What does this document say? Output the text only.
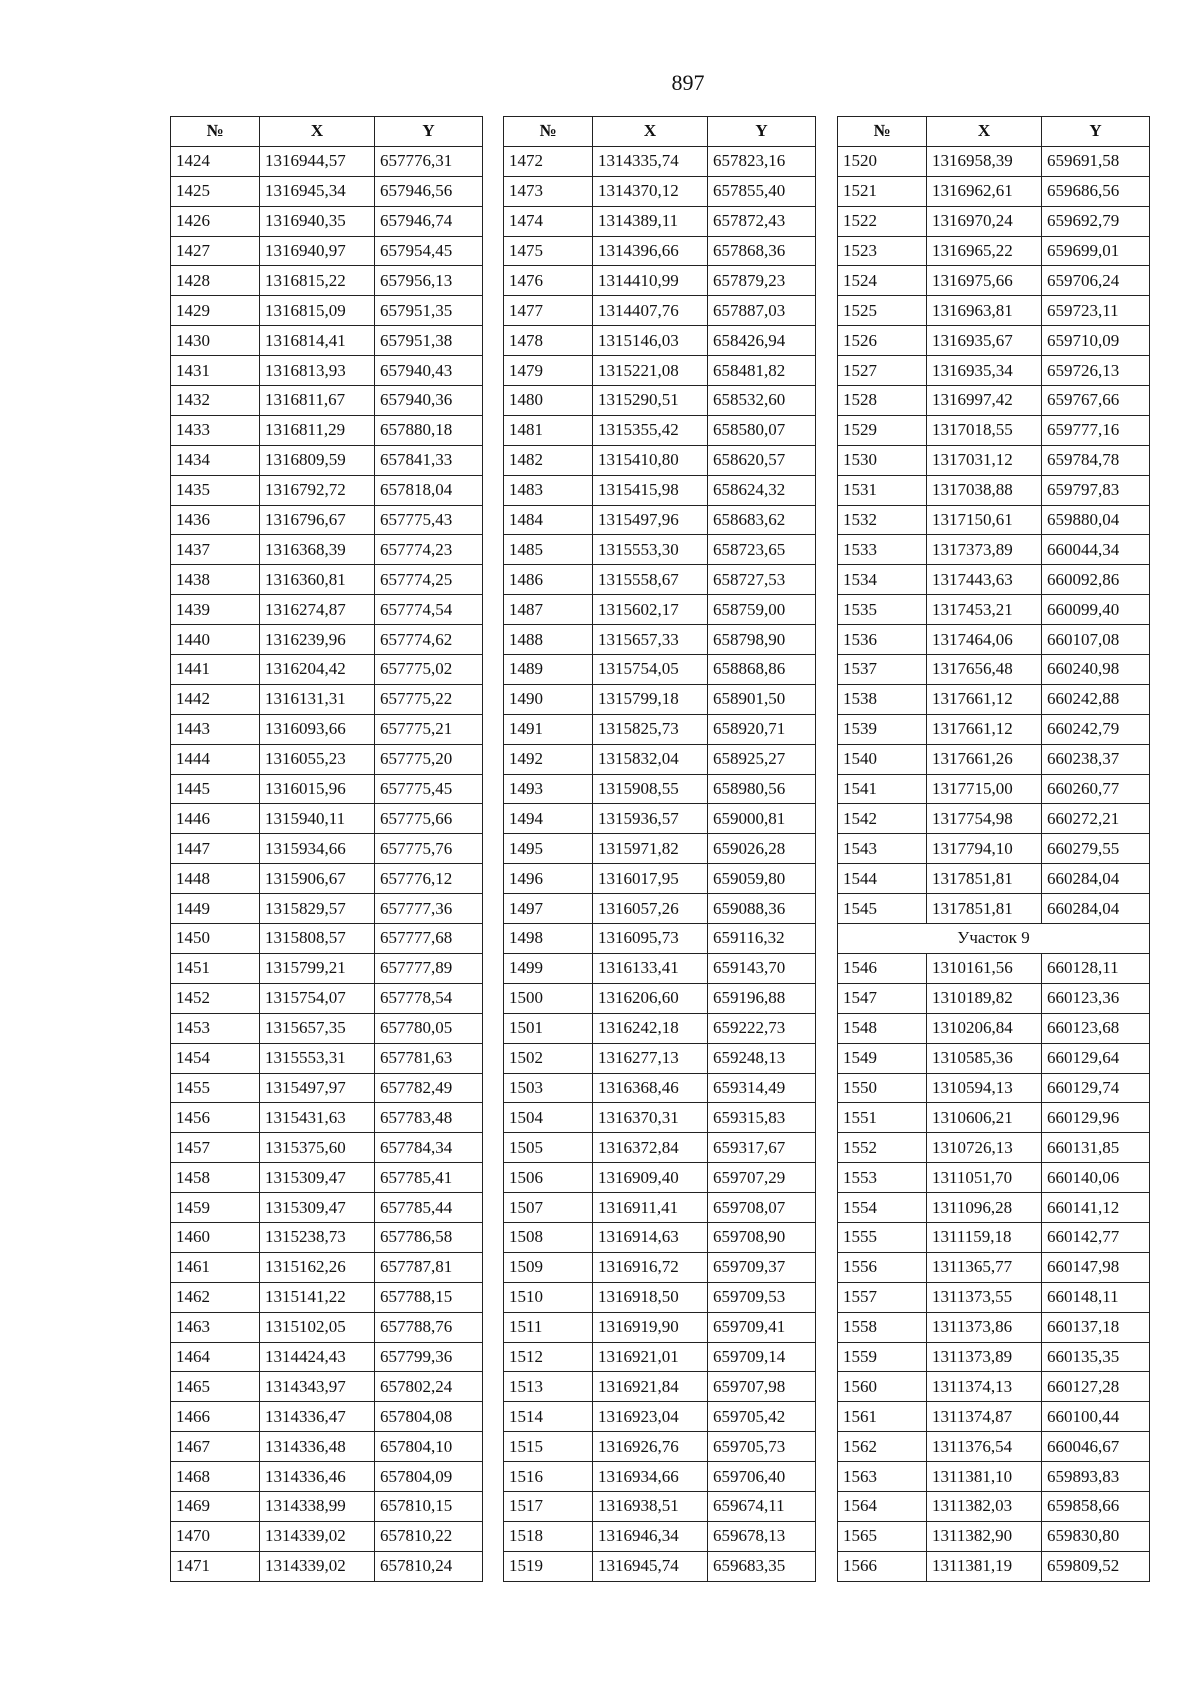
897
№	X	Y
1424	1316944,57	657776,31
1425	1316945,34	657946,56
1426	1316940,35	657946,74
1427	1316940,97	657954,45
1428	1316815,22	657956,13
1429	1316815,09	657951,35
1430	1316814,41	657951,38
1431	1316813,93	657940,43
1432	1316811,67	657940,36
1433	1316811,29	657880,18
1434	1316809,59	657841,33
1435	1316792,72	657818,04
1436	1316796,67	657775,43
1437	1316368,39	657774,23
1438	1316360,81	657774,25
1439	1316274,87	657774,54
1440	1316239,96	657774,62
1441	1316204,42	657775,02
1442	1316131,31	657775,22
1443	1316093,66	657775,21
1444	1316055,23	657775,20
1445	1316015,96	657775,45
1446	1315940,11	657775,66
1447	1315934,66	657775,76
1448	1315906,67	657776,12
1449	1315829,57	657777,36
1450	1315808,57	657777,68
1451	1315799,21	657777,89
1452	1315754,07	657778,54
1453	1315657,35	657780,05
1454	1315553,31	657781,63
1455	1315497,97	657782,49
1456	1315431,63	657783,48
1457	1315375,60	657784,34
1458	1315309,47	657785,41
1459	1315309,47	657785,44
1460	1315238,73	657786,58
1461	1315162,26	657787,81
1462	1315141,22	657788,15
1463	1315102,05	657788,76
1464	1314424,43	657799,36
1465	1314343,97	657802,24
1466	1314336,47	657804,08
1467	1314336,48	657804,10
1468	1314336,46	657804,09
1469	1314338,99	657810,15
1470	1314339,02	657810,22
1471	1314339,02	657810,24
№	X	Y
1472	1314335,74	657823,16
1473	1314370,12	657855,40
1474	1314389,11	657872,43
1475	1314396,66	657868,36
1476	1314410,99	657879,23
1477	1314407,76	657887,03
1478	1315146,03	658426,94
1479	1315221,08	658481,82
1480	1315290,51	658532,60
1481	1315355,42	658580,07
1482	1315410,80	658620,57
1483	1315415,98	658624,32
1484	1315497,96	658683,62
1485	1315553,30	658723,65
1486	1315558,67	658727,53
1487	1315602,17	658759,00
1488	1315657,33	658798,90
1489	1315754,05	658868,86
1490	1315799,18	658901,50
1491	1315825,73	658920,71
1492	1315832,04	658925,27
1493	1315908,55	658980,56
1494	1315936,57	659000,81
1495	1315971,82	659026,28
1496	1316017,95	659059,80
1497	1316057,26	659088,36
1498	1316095,73	659116,32
1499	1316133,41	659143,70
1500	1316206,60	659196,88
1501	1316242,18	659222,73
1502	1316277,13	659248,13
1503	1316368,46	659314,49
1504	1316370,31	659315,83
1505	1316372,84	659317,67
1506	1316909,40	659707,29
1507	1316911,41	659708,07
1508	1316914,63	659708,90
1509	1316916,72	659709,37
1510	1316918,50	659709,53
1511	1316919,90	659709,41
1512	1316921,01	659709,14
1513	1316921,84	659707,98
1514	1316923,04	659705,42
1515	1316926,76	659705,73
1516	1316934,66	659706,40
1517	1316938,51	659674,11
1518	1316946,34	659678,13
1519	1316945,74	659683,35
№	X	Y
1520	1316958,39	659691,58
1521	1316962,61	659686,56
1522	1316970,24	659692,79
1523	1316965,22	659699,01
1524	1316975,66	659706,24
1525	1316963,81	659723,11
1526	1316935,67	659710,09
1527	1316935,34	659726,13
1528	1316997,42	659767,66
1529	1317018,55	659777,16
1530	1317031,12	659784,78
1531	1317038,88	659797,83
1532	1317150,61	659880,04
1533	1317373,89	660044,34
1534	1317443,63	660092,86
1535	1317453,21	660099,40
1536	1317464,06	660107,08
1537	1317656,48	660240,98
1538	1317661,12	660242,88
1539	1317661,12	660242,79
1540	1317661,26	660238,37
1541	1317715,00	660260,77
1542	1317754,98	660272,21
1543	1317794,10	660279,55
1544	1317851,81	660284,04
1545	1317851,81	660284,04
Участок 9		
1546	1310161,56	660128,11
1547	1310189,82	660123,36
1548	1310206,84	660123,68
1549	1310585,36	660129,64
1550	1310594,13	660129,74
1551	1310606,21	660129,96
1552	1310726,13	660131,85
1553	1311051,70	660140,06
1554	1311096,28	660141,12
1555	1311159,18	660142,77
1556	1311365,77	660147,98
1557	1311373,55	660148,11
1558	1311373,86	660137,18
1559	1311373,89	660135,35
1560	1311374,13	660127,28
1561	1311374,87	660100,44
1562	1311376,54	660046,67
1563	1311381,10	659893,83
1564	1311382,03	659858,66
1565	1311382,90	659830,80
1566	1311381,19	659809,52
